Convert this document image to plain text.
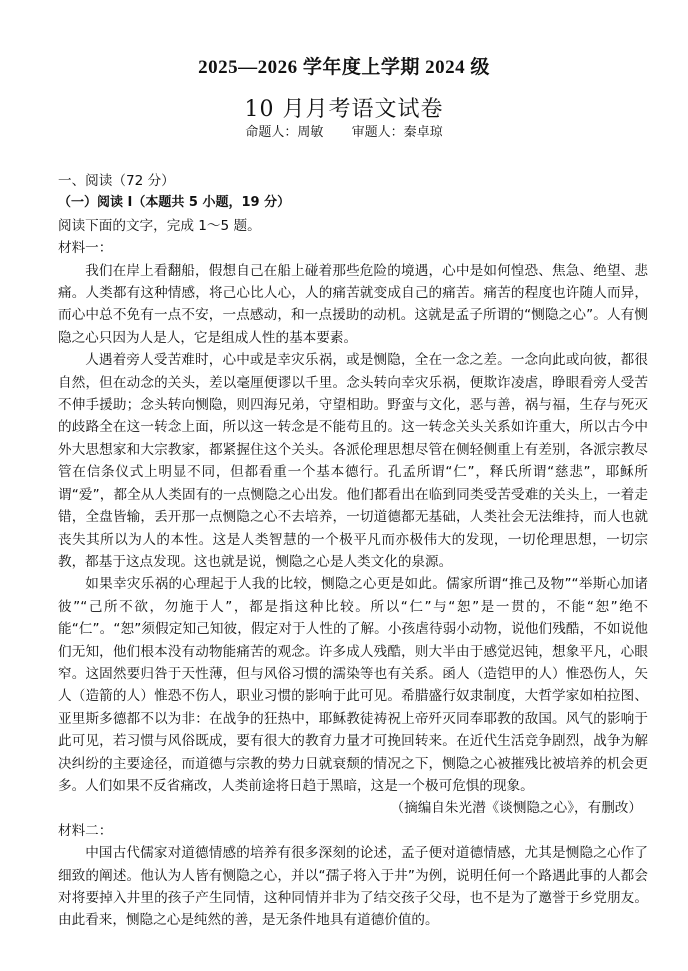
2025—2026 学年度上学期 2024 级
10 月月考语文试卷
命题人：周敏 审题人：秦卓琼

一、阅读（72 分）

（一）阅读 I（本题共 5 小题，19 分）

阅读下面的文字，完成 1～5 题。

材料一：

我们在岸上看翻船，假想自己在船上碰着那些危险的境遇，心中是如何惶恐、焦急、绝望、悲痛。人类都有这种情感，将己心比人心，人的痛苦就变成自己的痛苦。痛苦的程度也许随人而异，而心中总不免有一点不安，一点感动，和一点援助的动机。这就是孟子所谓的“恻隐之心”。人有恻隐之心只因为人是人，它是组成人性的基本要素。

人遇着旁人受苦难时，心中或是幸灾乐祸，或是恻隐，全在一念之差。一念向此或向彼，都很自然，但在动念的关头，差以毫厘便谬以千里。念头转向幸灾乐祸，便欺诈凌虐，睁眼看旁人受苦不伸手援助；念头转向恻隐，则四海兄弟，守望相助。野蛮与文化，恶与善，祸与福，生存与死灭的歧路全在这一转念上面，所以这一转念是不能苟且的。这一转念关头关系如许重大，所以古今中外大思想家和大宗教家，都紧握住这个关头。各派伦理思想尽管在侧轻侧重上有差别，各派宗教尽管在信条仪式上明显不同，但都看重一个基本德行。孔孟所谓“仁”，释氏所谓“慈悲”，耶稣所谓“爱”，都全从人类固有的一点恻隐之心出发。他们都看出在临到同类受苦受难的关头上，一着走错，全盘皆输，丢开那一点恻隐之心不去培养，一切道德都无基础，人类社会无法维持，而人也就丧失其所以为人的本性。这是人类智慧的一个极平凡而亦极伟大的发现，一切伦理思想，一切宗教，都基于这点发现。这也就是说，恻隐之心是人类文化的泉源。

如果幸灾乐祸的心理起于人我的比较，恻隐之心更是如此。儒家所谓“推己及物”“举斯心加诸彼”“己所不欲，勿施于人”，都是指这种比较。所以“仁”与“恕”是一贯的，不能“恕”绝不能“仁”。“恕”须假定知己知彼，假定对于人性的了解。小孩虐待弱小动物，说他们残酷，不如说他们无知，他们根本没有动物能痛苦的观念。许多成人残酷，则大半由于感觉迟钝，想象平凡，心眼窄。这固然要归咎于天性薄，但与风俗习惯的濡染等也有关系。函人（造铠甲的人）惟恐伤人，矢人（造箭的人）惟恐不伤人，职业习惯的影响于此可见。希腊盛行奴隶制度，大哲学家如柏拉图、亚里斯多德都不以为非：在战争的狂热中，耶稣教徒祷祝上帝歼灭同奉耶教的敌国。风气的影响于此可见，若习惯与风俗既成，要有很大的教育力量才可挽回转来。在近代生活竞争剧烈，战争为解决纠纷的主要途径，而道德与宗教的势力日就衰颓的情况之下，恻隐之心被摧残比被培养的机会更多。人们如果不反省痛改，人类前途将日趋于黑暗，这是一个极可危惧的现象。

（摘编自朱光潜《谈恻隐之心》，有删改）

材料二：

中国古代儒家对道德情感的培养有很多深刻的论述，孟子便对道德情感，尤其是恻隐之心作了细致的阐述。他认为人皆有恻隐之心，并以“孺子将入于井”为例，说明任何一个路遇此事的人都会对将要掉入井里的孩子产生同情，这种同情并非为了结交孩子父母，也不是为了邀誉于乡党朋友。由此看来，恻隐之心是纯然的善，是无条件地具有道德价值的。
